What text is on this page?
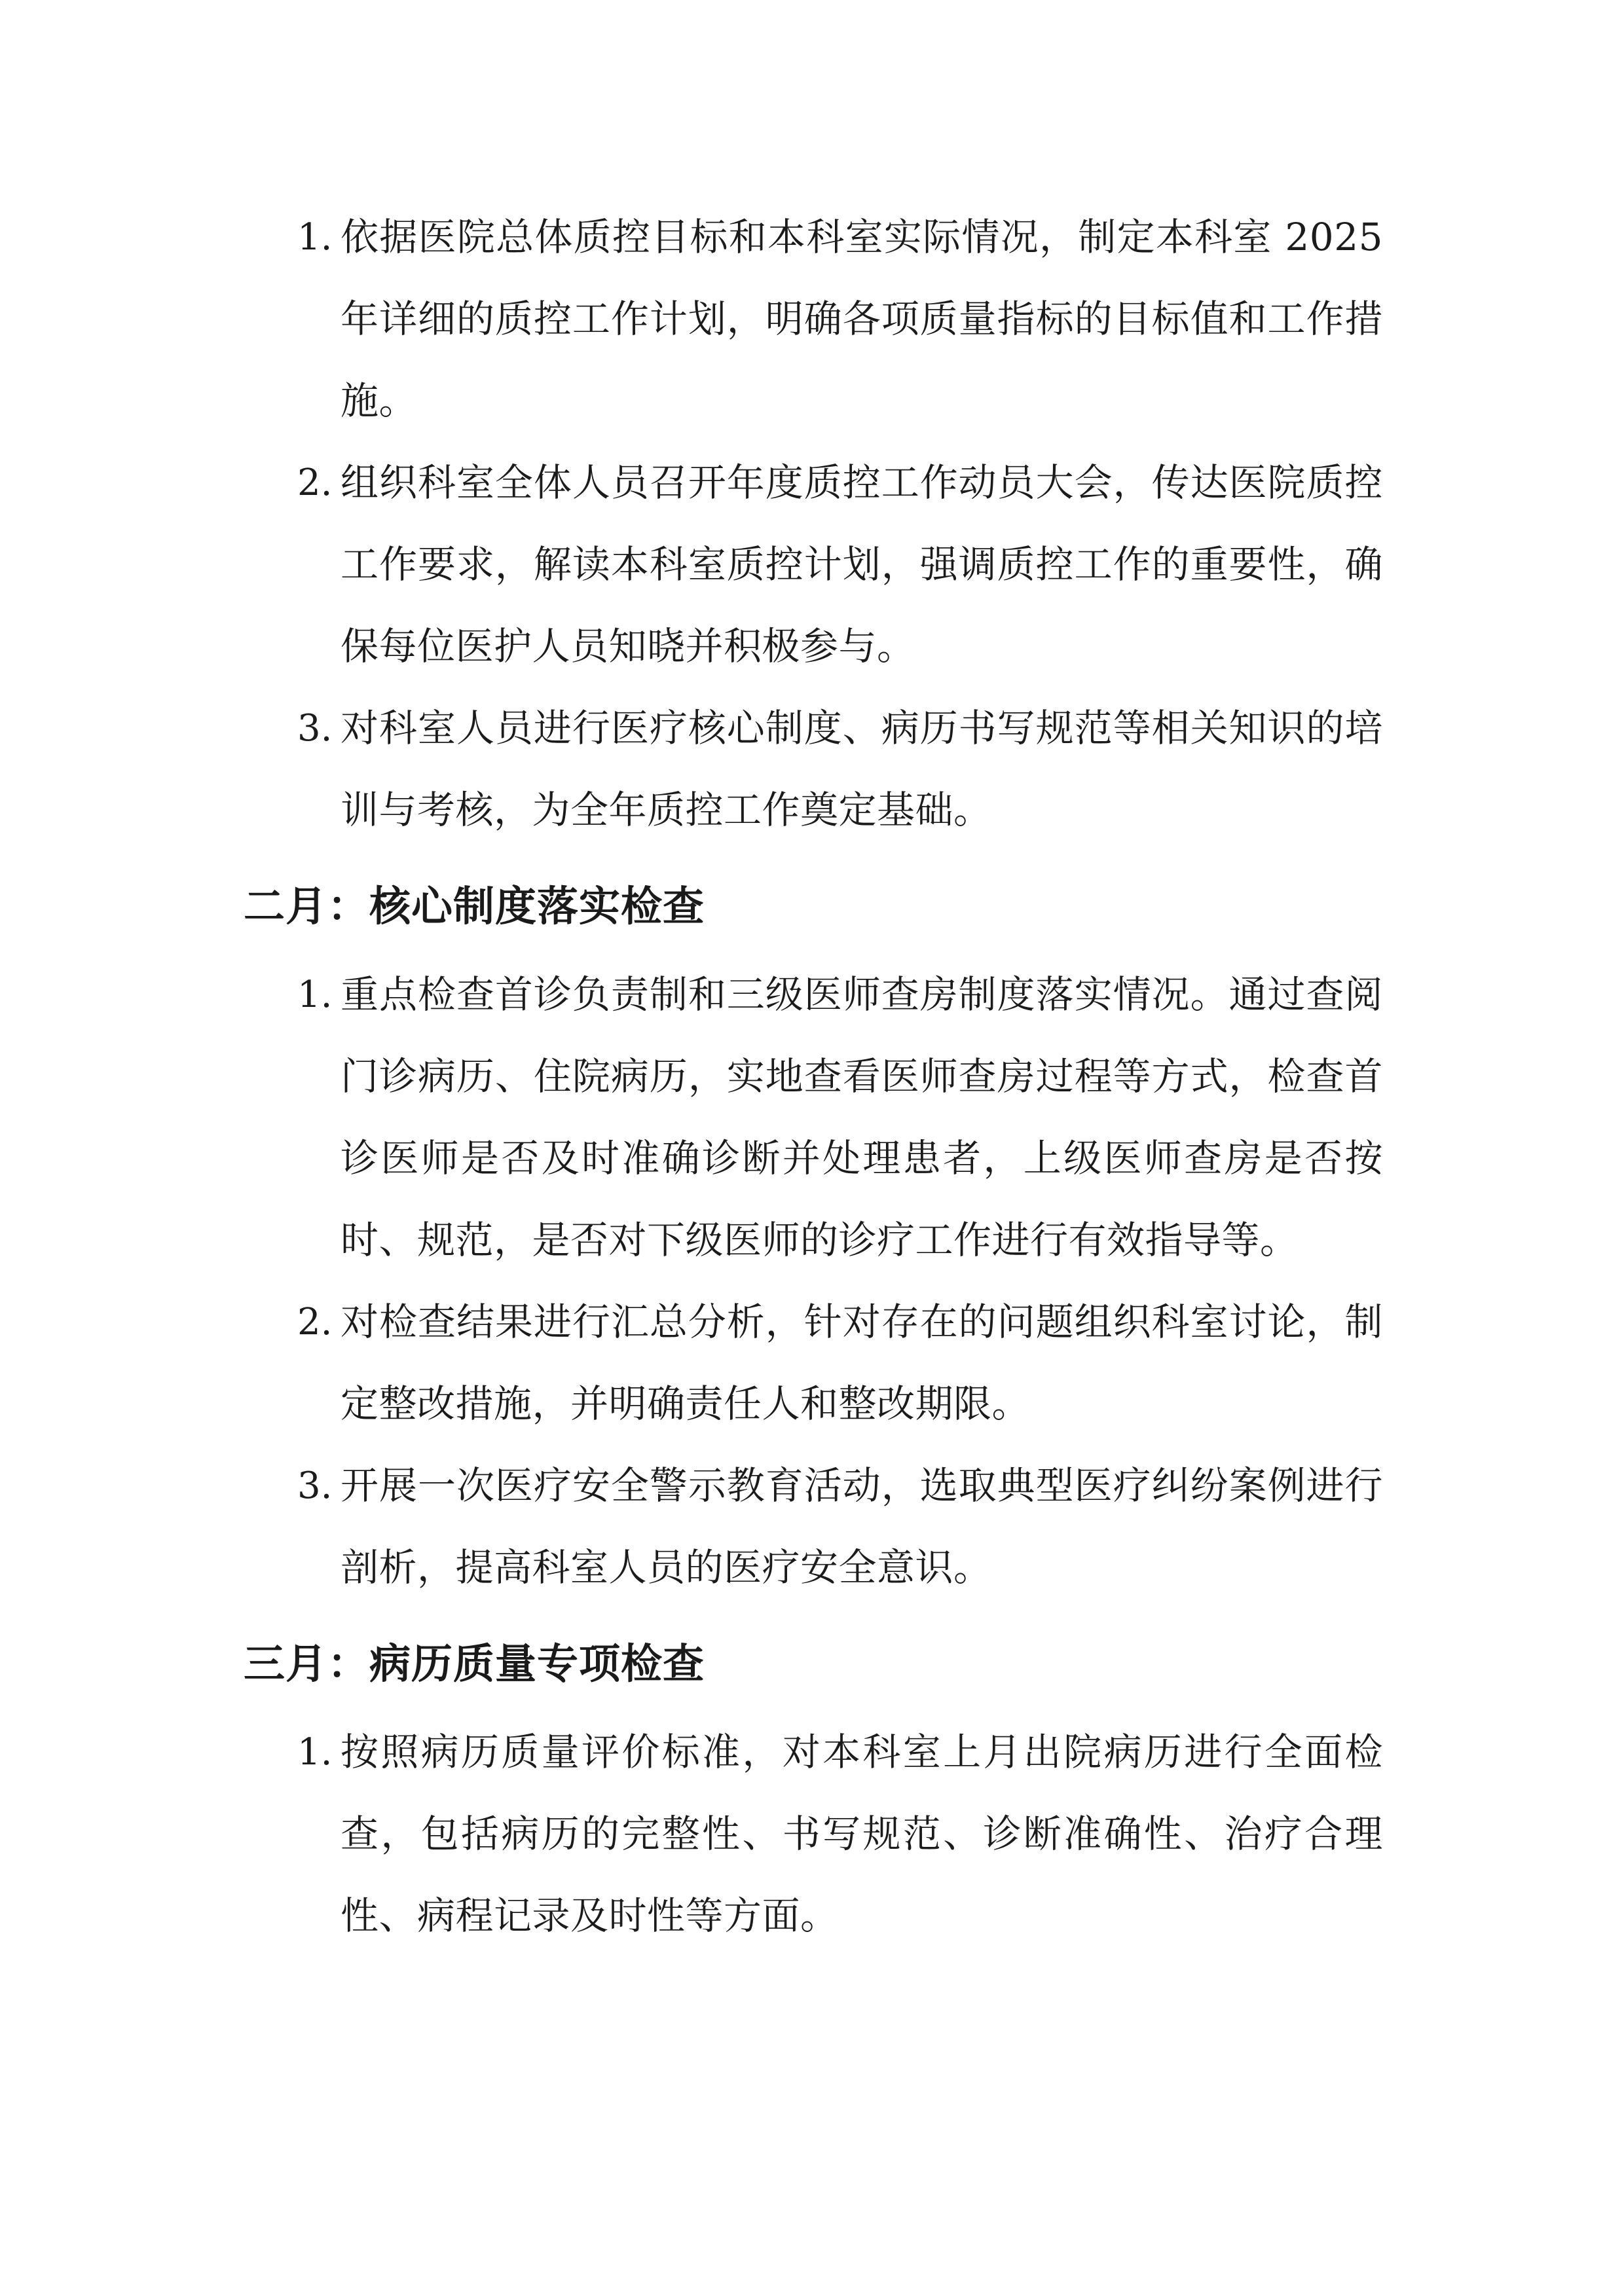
1. 依据医院总体质控目标和本科室实际情况，制定本科室 2025 年详细的质控工作计划，明确各项质量指标的目标值和工作措施。
2. 组织科室全体人员召开年度质控工作动员大会，传达医院质控工作要求，解读本科室质控计划，强调质控工作的重要性，确保每位医护人员知晓并积极参与。
3. 对科室人员进行医疗核心制度、病历书写规范等相关知识的培训与考核，为全年质控工作奠定基础。
二月：核心制度落实检查
1. 重点检查首诊负责制和三级医师查房制度落实情况。通过查阅门诊病历、住院病历，实地查看医师查房过程等方式，检查首诊医师是否及时准确诊断并处理患者，上级医师查房是否按时、规范，是否对下级医师的诊疗工作进行有效指导等。
2. 对检查结果进行汇总分析，针对存在的问题组织科室讨论，制定整改措施，并明确责任人和整改期限。
3. 开展一次医疗安全警示教育活动，选取典型医疗纠纷案例进行剖析，提高科室人员的医疗安全意识。
三月：病历质量专项检查
1. 按照病历质量评价标准，对本科室上月出院病历进行全面检查，包括病历的完整性、书写规范、诊断准确性、治疗合理性、病程记录及时性等方面。
